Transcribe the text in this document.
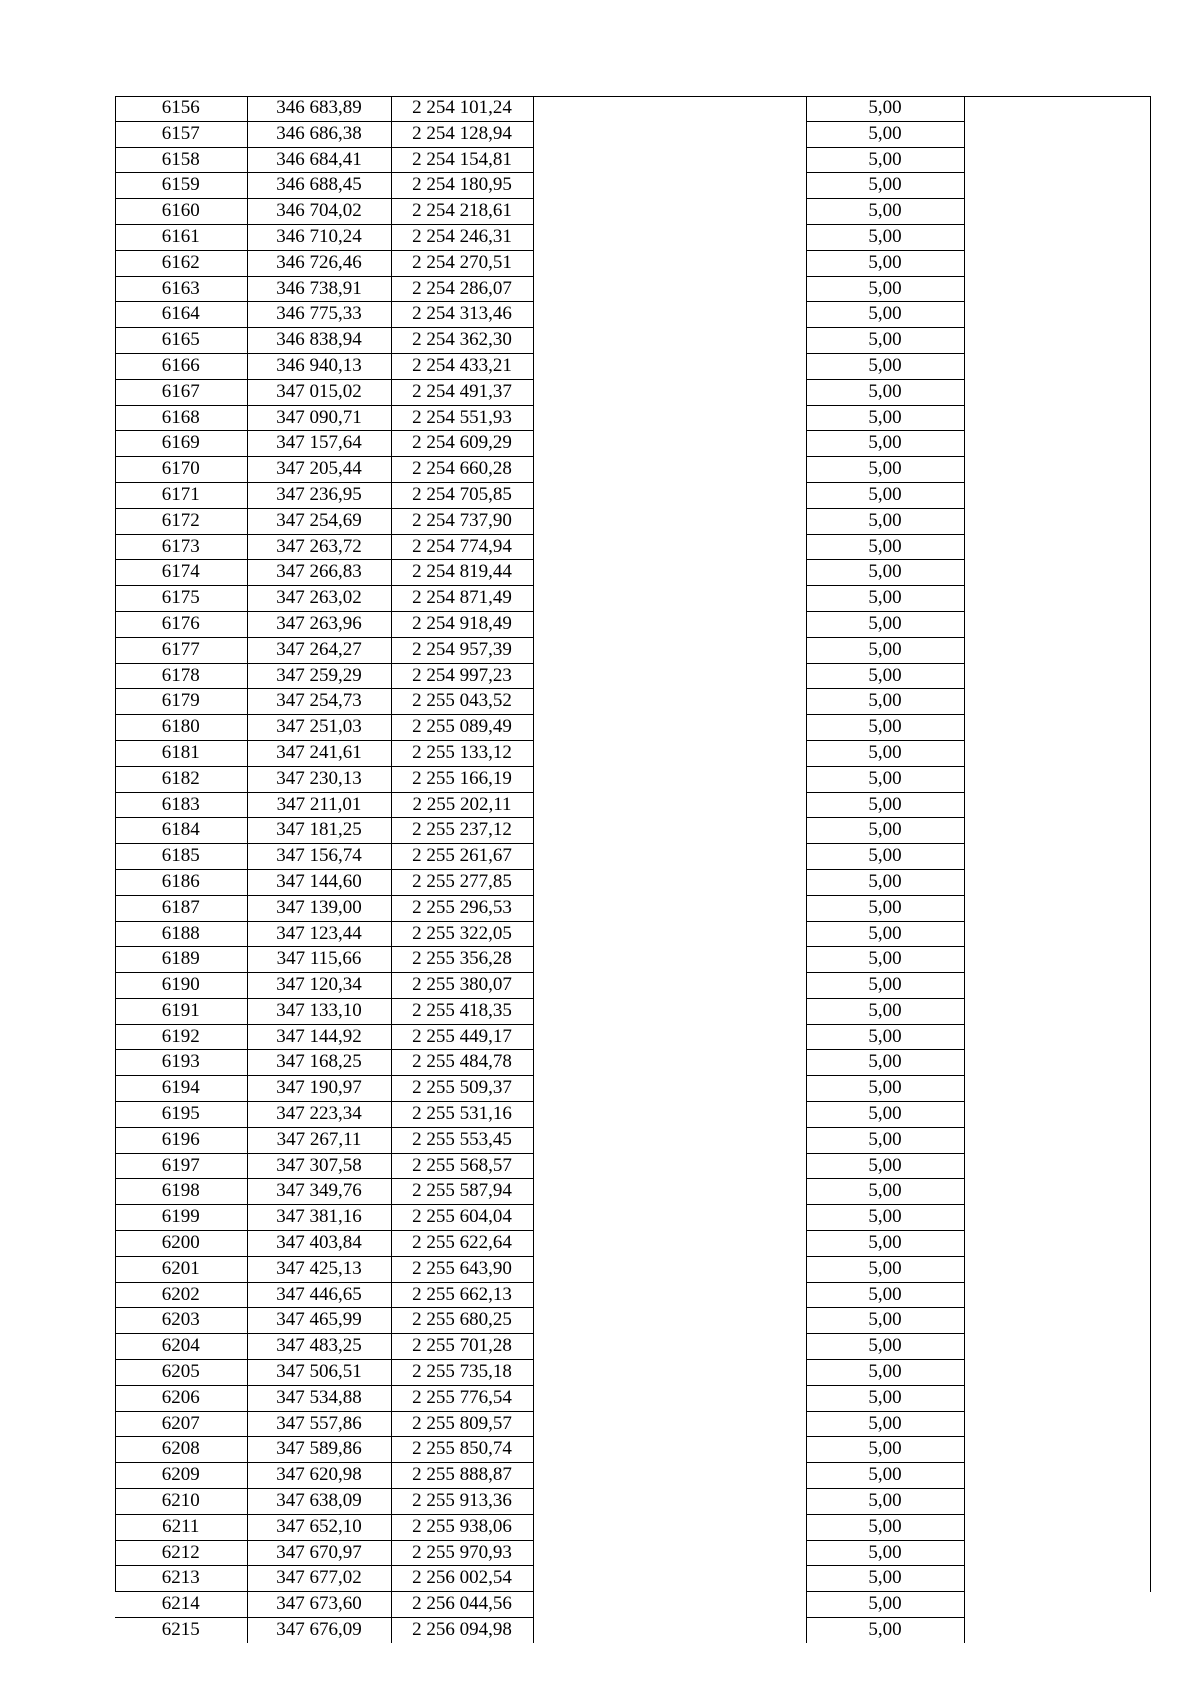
6156	346 683,89	2 254 101,24		5,00	
6157	346 686,38	2 254 128,94		5,00	
6158	346 684,41	2 254 154,81		5,00	
6159	346 688,45	2 254 180,95		5,00	
6160	346 704,02	2 254 218,61		5,00	
6161	346 710,24	2 254 246,31		5,00	
6162	346 726,46	2 254 270,51		5,00	
6163	346 738,91	2 254 286,07		5,00	
6164	346 775,33	2 254 313,46		5,00	
6165	346 838,94	2 254 362,30		5,00	
6166	346 940,13	2 254 433,21		5,00	
6167	347 015,02	2 254 491,37		5,00	
6168	347 090,71	2 254 551,93		5,00	
6169	347 157,64	2 254 609,29		5,00	
6170	347 205,44	2 254 660,28		5,00	
6171	347 236,95	2 254 705,85		5,00	
6172	347 254,69	2 254 737,90		5,00	
6173	347 263,72	2 254 774,94		5,00	
6174	347 266,83	2 254 819,44		5,00	
6175	347 263,02	2 254 871,49		5,00	
6176	347 263,96	2 254 918,49		5,00	
6177	347 264,27	2 254 957,39		5,00	
6178	347 259,29	2 254 997,23		5,00	
6179	347 254,73	2 255 043,52		5,00	
6180	347 251,03	2 255 089,49		5,00	
6181	347 241,61	2 255 133,12		5,00	
6182	347 230,13	2 255 166,19		5,00	
6183	347 211,01	2 255 202,11		5,00	
6184	347 181,25	2 255 237,12		5,00	
6185	347 156,74	2 255 261,67		5,00	
6186	347 144,60	2 255 277,85		5,00	
6187	347 139,00	2 255 296,53		5,00	
6188	347 123,44	2 255 322,05		5,00	
6189	347 115,66	2 255 356,28		5,00	
6190	347 120,34	2 255 380,07		5,00	
6191	347 133,10	2 255 418,35		5,00	
6192	347 144,92	2 255 449,17		5,00	
6193	347 168,25	2 255 484,78		5,00	
6194	347 190,97	2 255 509,37		5,00	
6195	347 223,34	2 255 531,16		5,00	
6196	347 267,11	2 255 553,45		5,00	
6197	347 307,58	2 255 568,57		5,00	
6198	347 349,76	2 255 587,94		5,00	
6199	347 381,16	2 255 604,04		5,00	
6200	347 403,84	2 255 622,64		5,00	
6201	347 425,13	2 255 643,90		5,00	
6202	347 446,65	2 255 662,13		5,00	
6203	347 465,99	2 255 680,25		5,00	
6204	347 483,25	2 255 701,28		5,00	
6205	347 506,51	2 255 735,18		5,00	
6206	347 534,88	2 255 776,54		5,00	
6207	347 557,86	2 255 809,57		5,00	
6208	347 589,86	2 255 850,74		5,00	
6209	347 620,98	2 255 888,87		5,00	
6210	347 638,09	2 255 913,36		5,00	
6211	347 652,10	2 255 938,06		5,00	
6212	347 670,97	2 255 970,93		5,00	
6213	347 677,02	2 256 002,54		5,00	
6214	347 673,60	2 256 044,56		5,00	
6215	347 676,09	2 256 094,98		5,00	
